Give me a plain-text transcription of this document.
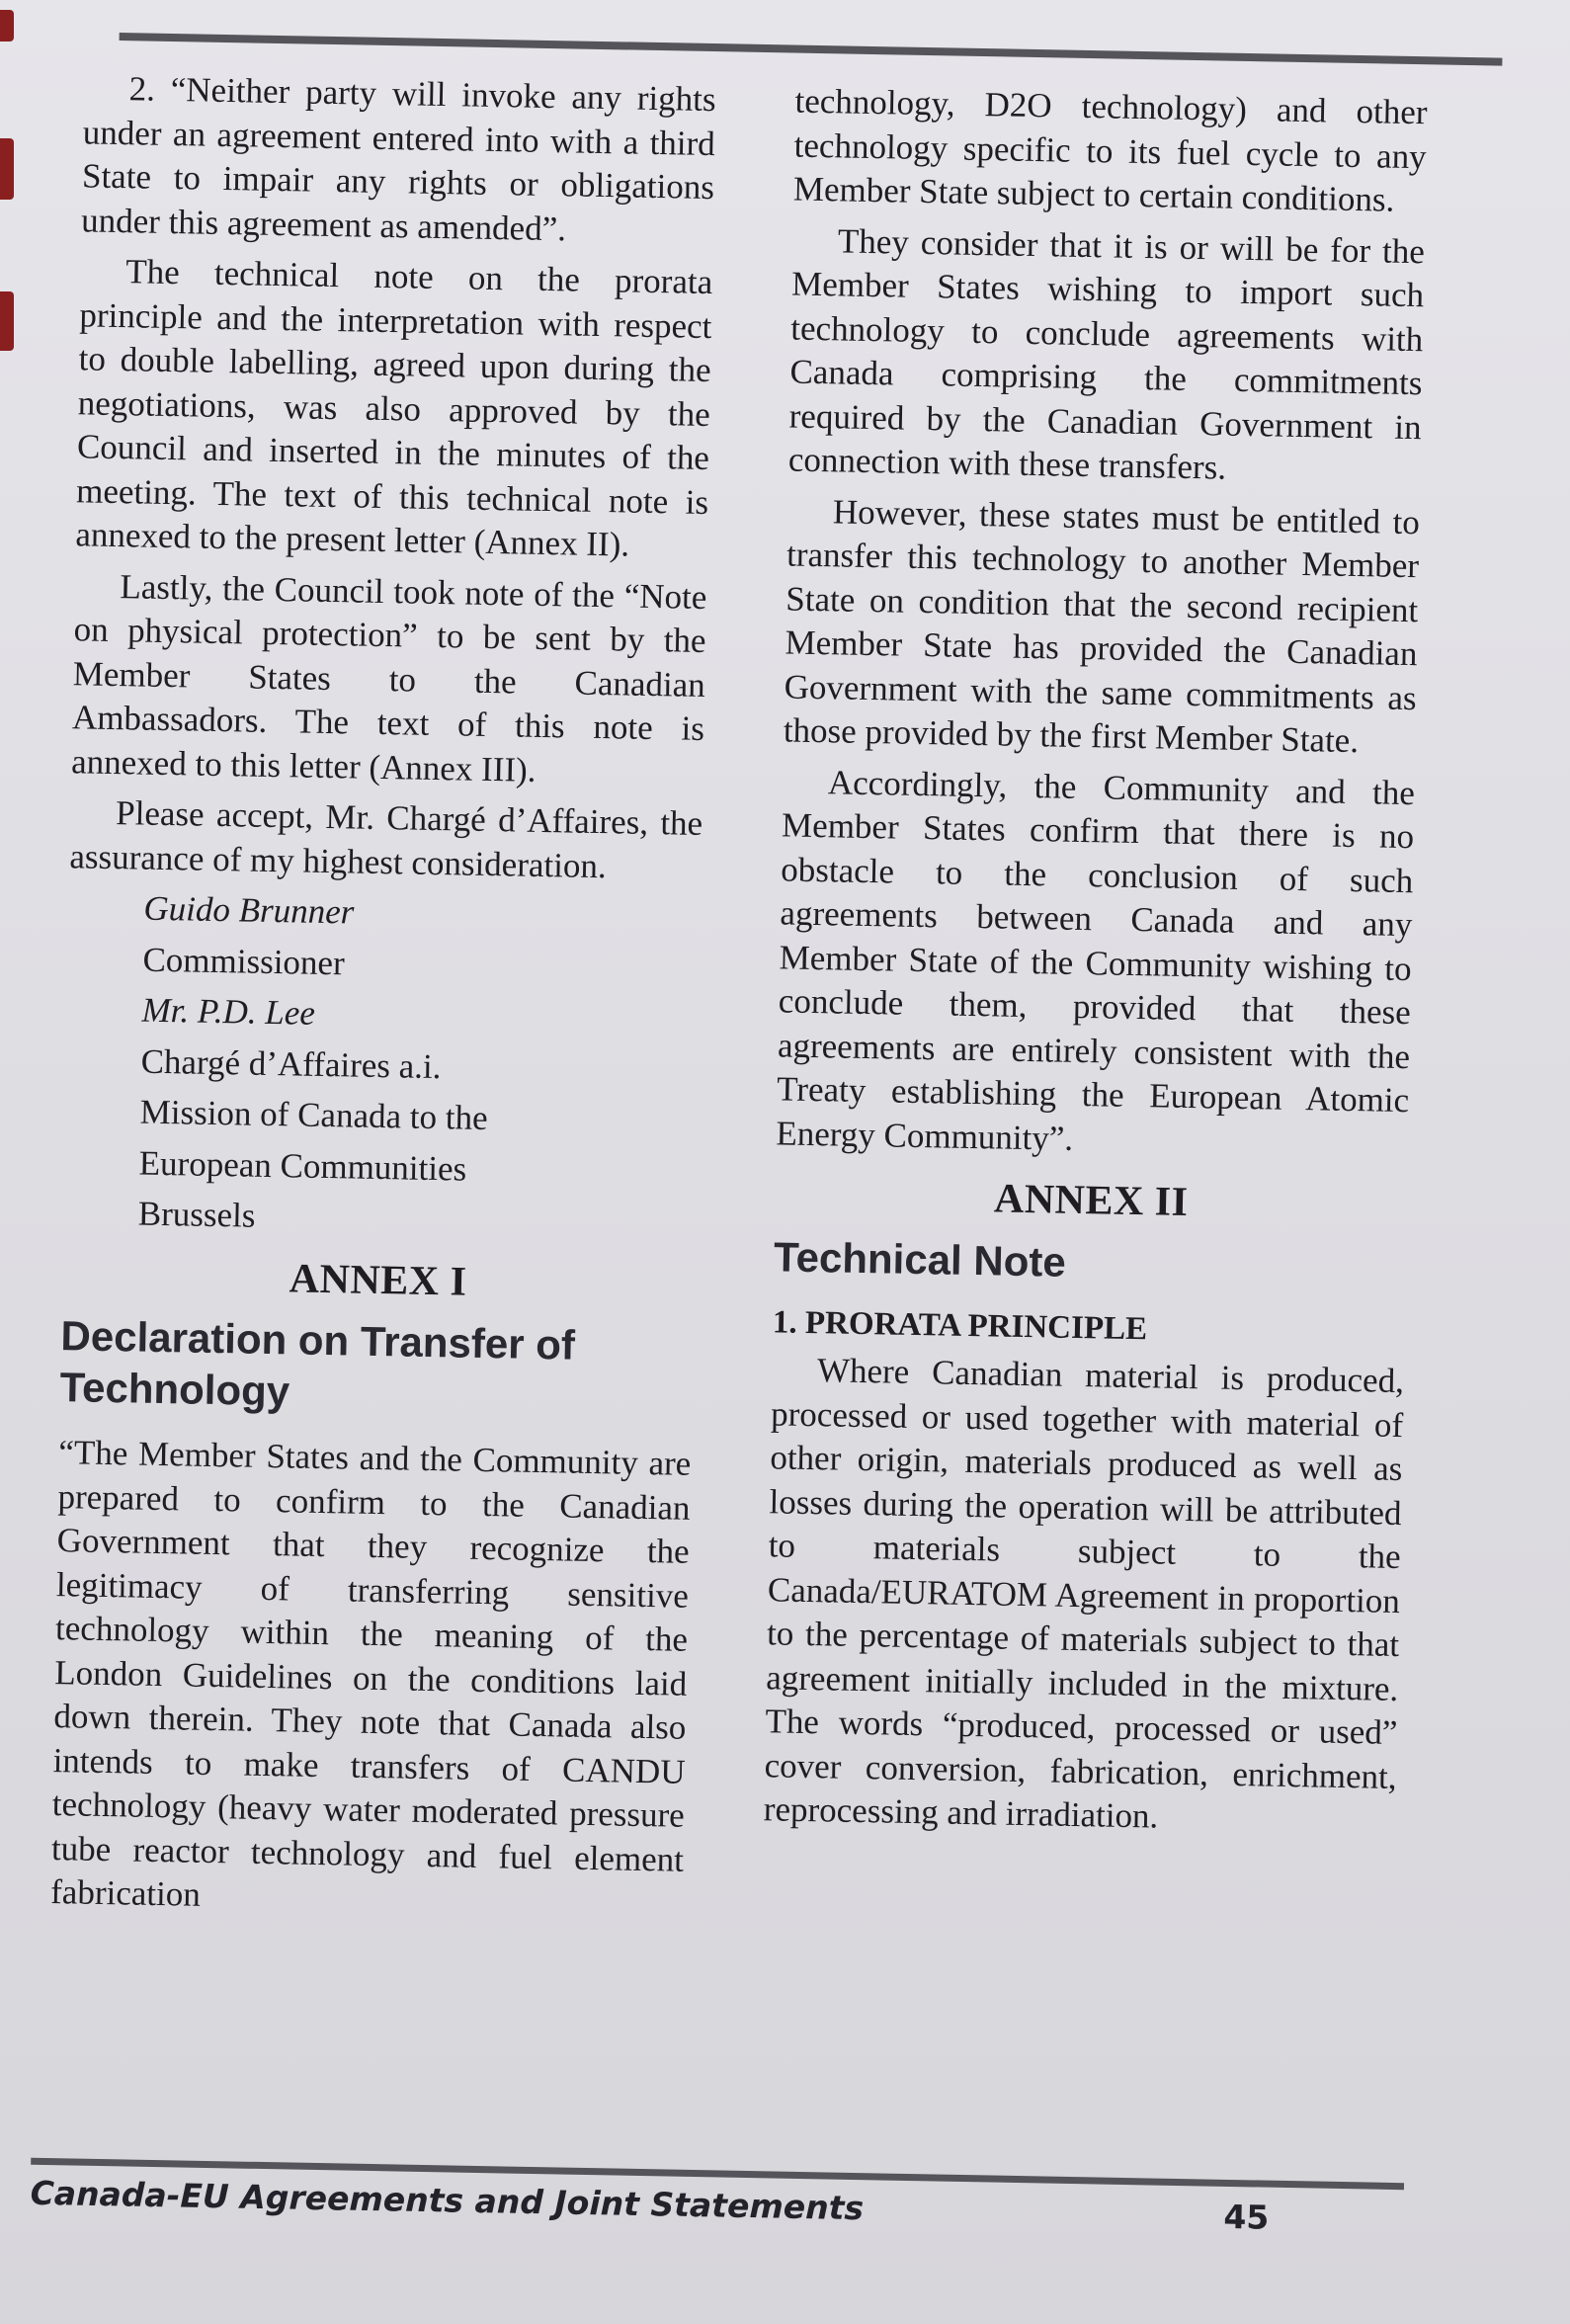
2. “Neither party will invoke any rights under an agreement entered into with a third State to impair any rights or obligations under this agreement as amended”.

The technical note on the prorata principle and the interpretation with respect to double labelling, agreed upon during the negotiations, was also approved by the Council and inserted in the minutes of the meeting. The text of this technical note is annexed to the present letter (Annex II).

Lastly, the Council took note of the “Note on physical protection” to be sent by the Member States to the Canadian Ambassadors. The text of this note is annexed to this letter (Annex III).

Please accept, Mr. Chargé d’Affaires, the assurance of my highest consideration.

Guido Brunner

Commissioner

Mr. P.D. Lee

Chargé d’Affaires a.i.

Mission of Canada to the

European Communities

Brussels

ANNEX I
Declaration on Transfer of Technology

“The Member States and the Community are prepared to confirm to the Canadian Government that they recognize the legitimacy of transferring sensitive technology within the meaning of the London Guidelines on the conditions laid down therein. They note that Canada also intends to make transfers of CANDU technology (heavy water moderated pressure tube reactor technology and fuel element fabrication

technology, D2O technology) and other technology specific to its fuel cycle to any Member State subject to certain conditions.

They consider that it is or will be for the Member States wishing to import such technology to conclude agreements with Canada comprising the commitments required by the Canadian Government in connection with these transfers.

However, these states must be entitled to transfer this technology to another Member State on condition that the second recipient Member State has provided the Canadian Government with the same commitments as those provided by the first Member State.

Accordingly, the Community and the Member States confirm that there is no obstacle to the conclusion of such agreements between Canada and any Member State of the Community wishing to conclude them, provided that these agreements are entirely consistent with the Treaty establishing the European Atomic Energy Community”.

ANNEX II
Technical Note
1. PRORATA PRINCIPLE

Where Canadian material is produced, processed or used together with material of other origin, materials produced as well as losses during the operation will be attributed to materials subject to the Canada/EURATOM Agreement in proportion to the percentage of materials subject to that agreement initially included in the mixture. The words “produced, processed or used” cover conversion, fabrication, enrichment, reprocessing and irradiation.

Canada-EU Agreements and Joint Statements	45
